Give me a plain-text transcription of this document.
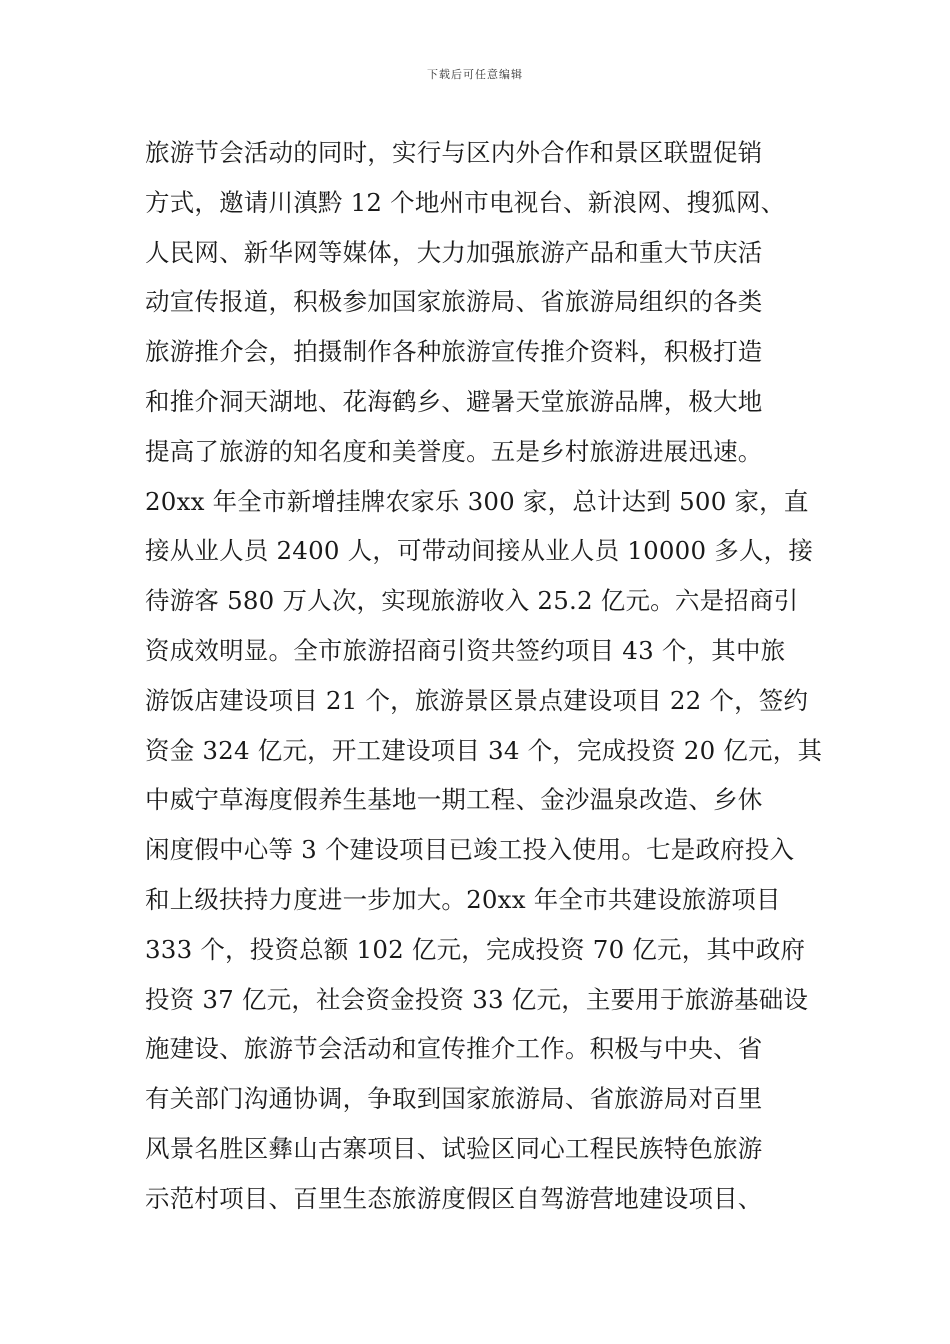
下载后可任意编辑
旅游节会活动的同时，实行与区内外合作和景区联盟促销
方式，邀请川滇黔 12 个地州市电视台、新浪网、搜狐网、
人民网、新华网等媒体，大力加强旅游产品和重大节庆活
动宣传报道，积极参加国家旅游局、省旅游局组织的各类
旅游推介会，拍摄制作各种旅游宣传推介资料，积极打造
和推介洞天湖地、花海鹤乡、避暑天堂旅游品牌，极大地
提高了旅游的知名度和美誉度。五是乡村旅游进展迅速。
20xx 年全市新增挂牌农家乐 300 家，总计达到 500 家，直
接从业人员 2400 人，可带动间接从业人员 10000 多人，接
待游客 580 万人次，实现旅游收入 25.2 亿元。六是招商引
资成效明显。全市旅游招商引资共签约项目 43 个，其中旅
游饭店建设项目 21 个，旅游景区景点建设项目 22 个，签约
资金 324 亿元，开工建设项目 34 个，完成投资 20 亿元，其
中威宁草海度假养生基地一期工程、金沙温泉改造、乡休
闲度假中心等 3 个建设项目已竣工投入使用。七是政府投入
和上级扶持力度进一步加大。20xx 年全市共建设旅游项目
333 个，投资总额 102 亿元，完成投资 70 亿元，其中政府
投资 37 亿元，社会资金投资 33 亿元，主要用于旅游基础设
施建设、旅游节会活动和宣传推介工作。积极与中央、省
有关部门沟通协调，争取到国家旅游局、省旅游局对百里
风景名胜区彝山古寨项目、试验区同心工程民族特色旅游
示范村项目、百里生态旅游度假区自驾游营地建设项目、
